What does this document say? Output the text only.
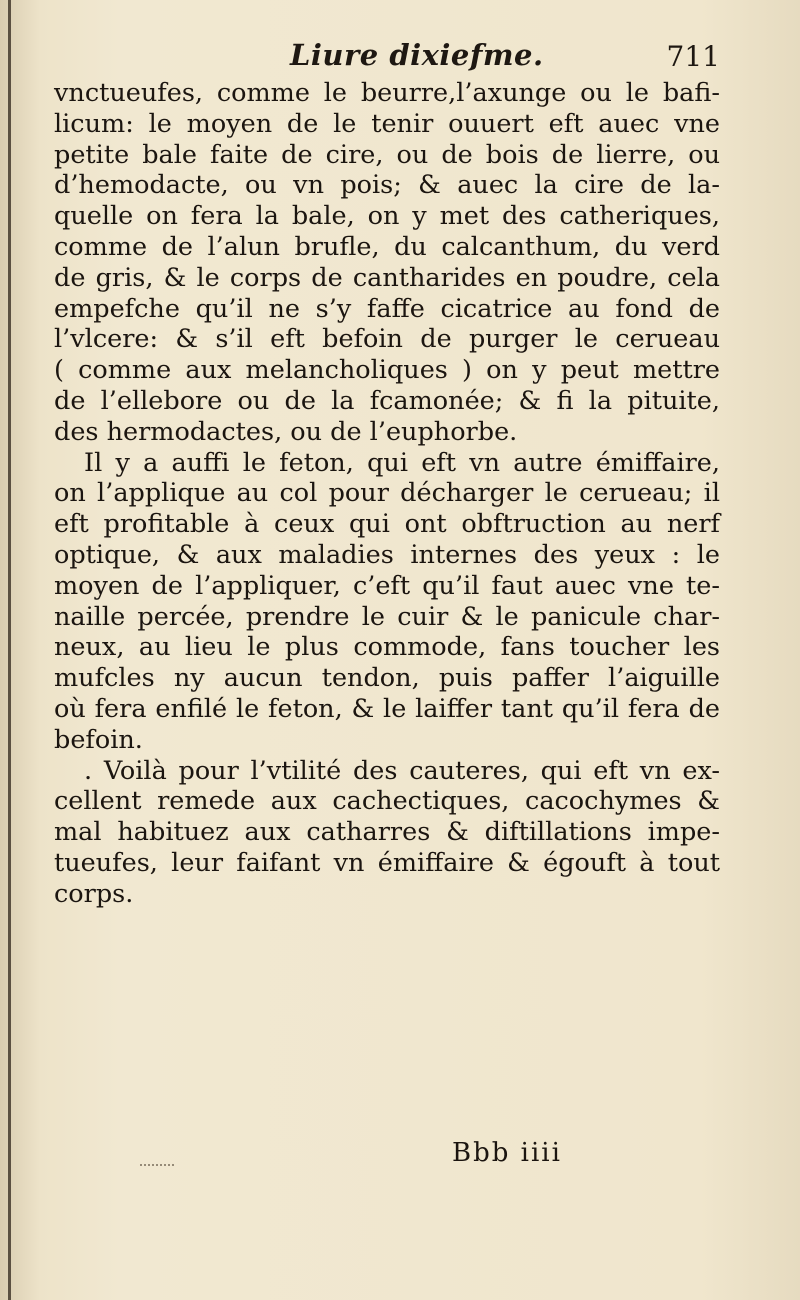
Liure dixiefme.	711
vnctueufes, comme le beurre,l’axunge ou le bafi-
licum: le moyen de le tenir ouuert eft auec vne
petite bale faite de cire, ou de bois de lierre, ou
d’hemodacte, ou vn pois; & auec la cire de la-
quelle on fera la bale, on y met des catheriques,
comme de l’alun brufle, du calcanthum, du verd
de gris, & le corps de cantharides en poudre, cela
empefche qu’il ne s’y faffe cicatrice au fond de
l’vlcere: & s’il eft befoin de purger le cerueau
( comme aux melancholiques ) on y peut mettre
de l’ellebore ou de la fcamonée; & fi la pituite,
des hermodactes, ou de l’euphorbe.
Il y a auffi le feton, qui eft vn autre émiffaire,
on l’applique au col pour décharger le cerueau; il
eft profitable à ceux qui ont obftruction au nerf
optique, & aux maladies internes des yeux : le
moyen de l’appliquer, c’eft qu’il faut auec vne te-
naille percée, prendre le cuir & le panicule char-
neux, au lieu le plus commode, fans toucher les
mufcles ny aucun tendon, puis paffer l’aiguille
où fera enfilé le feton, & le laiffer tant qu’il fera de
befoin.
. Voilà pour l’vtilité des cauteres, qui eft vn ex-
cellent remede aux cachectiques, cacochymes &
mal habituez aux catharres & diftillations impe-
tueufes, leur faifant vn émiffaire & égouft à tout
corps.
Bbb iiii
